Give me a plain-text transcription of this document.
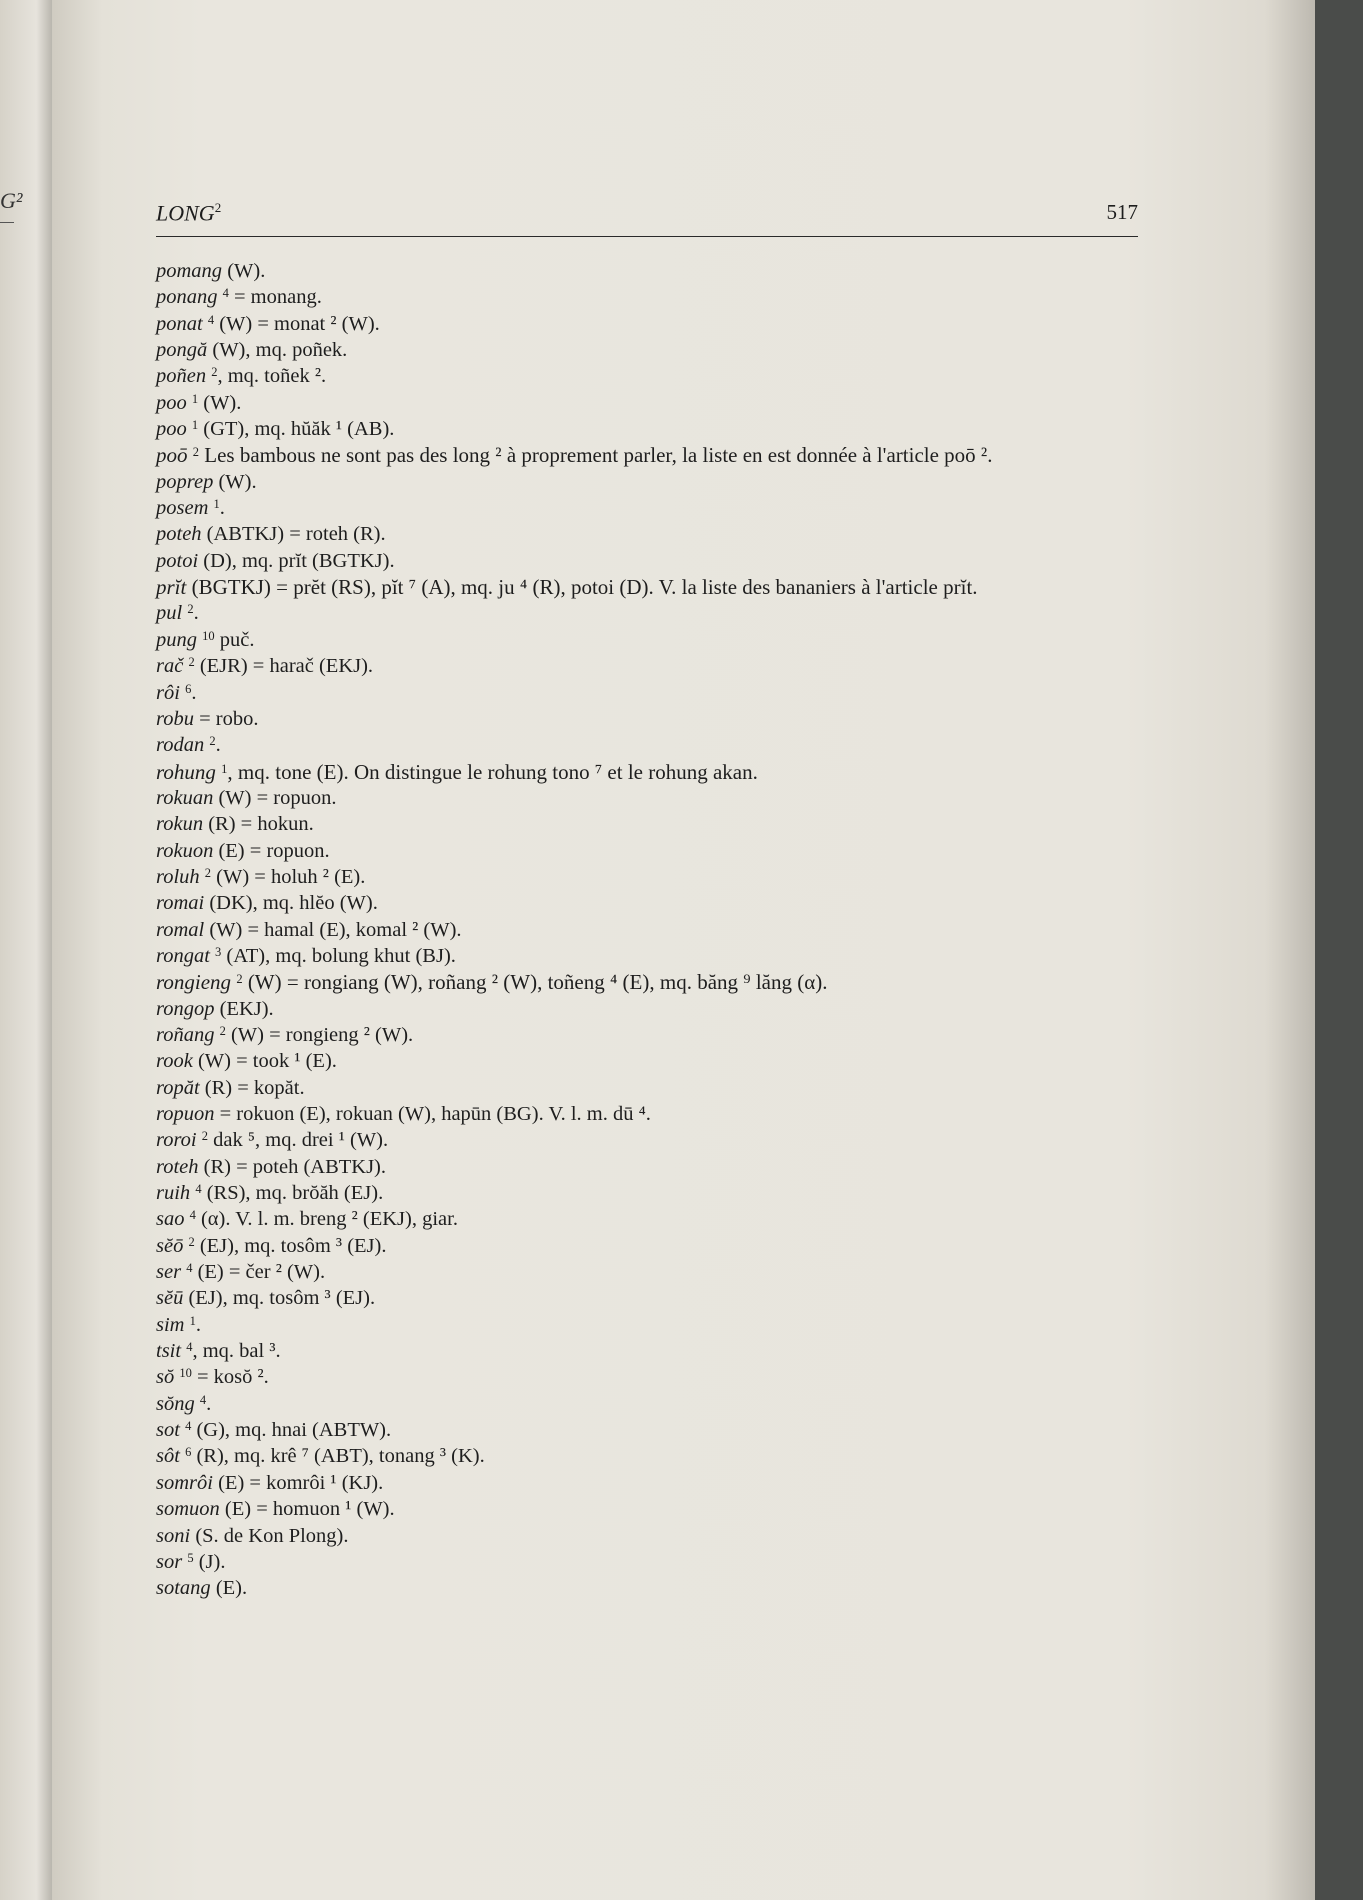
G²	LONG$^2$	517
pomang (W).
ponang $^4$ = monang.
ponat $^4$ (W) = monat ² (W).
pongă (W), mq. poñek.
poñen $^2$, mq. toñek ².
poo $^1$ (W).
poo $^1$ (GT), mq. hŭăk ¹ (AB).
poō $^2$ Les bambous ne sont pas des long ² à proprement parler, la liste en est donnée à l'article poō ².
poprep (W).
posem $^1$.
poteh (ABTKJ) = roteh (R).
potoi (D), mq. prĭt (BGTKJ).
prĭt (BGTKJ) = prĕt (RS), pĭt ⁷ (A), mq. ju ⁴ (R), potoi (D). V. la liste des bananiers à l'article prĭt.
pul $^2$.
pung $^{10}$ puč.
rač $^2$ (EJR) = harač (EKJ).
rôi $^6$.
robu = robo.
rodan $^2$.
rohung $^1$, mq. tone (E). On distingue le rohung tono ⁷ et le rohung akan.
rokuan (W) = ropuon.
rokun (R) = hokun.
rokuon (E) = ropuon.
roluh $^2$ (W) = holuh ² (E).
romai (DK), mq. hlĕo (W).
romal (W) = hamal (E), komal ² (W).
rongat $^3$ (AT), mq. bolung khut (BJ).
rongieng $^2$ (W) = rongiang (W), roñang ² (W), toñeng ⁴ (E), mq. băng ⁹ lăng (α).
rongop (EKJ).
roñang $^2$ (W) = rongieng ² (W).
rook (W) = took ¹ (E).
ropăt (R) = kopăt.
ropuon = rokuon (E), rokuan (W), hapūn (BG). V. l. m. dū ⁴.
roroi $^2$ dak ⁵, mq. drei ¹ (W).
roteh (R) = poteh (ABTKJ).
ruih $^4$ (RS), mq. brŏăh (EJ).
sao $^4$ (α). V. l. m. breng ² (EKJ), giar.
sĕō $^2$ (EJ), mq. tosôm ³ (EJ).
ser $^4$ (E) = čer ² (W).
sĕū (EJ), mq. tosôm ³ (EJ).
sim $^1$.
tsit $^4$, mq. bal ³.
sŏ $^{10}$ = kosŏ ².
sŏng $^4$.
sot $^4$ (G), mq. hnai (ABTW).
sôt $^6$ (R), mq. krê ⁷ (ABT), tonang ³ (K).
somrôi (E) = komrôi ¹ (KJ).
somuon (E) = homuon ¹ (W).
soni (S. de Kon Plong).
sor $^5$ (J).
sotang (E).
